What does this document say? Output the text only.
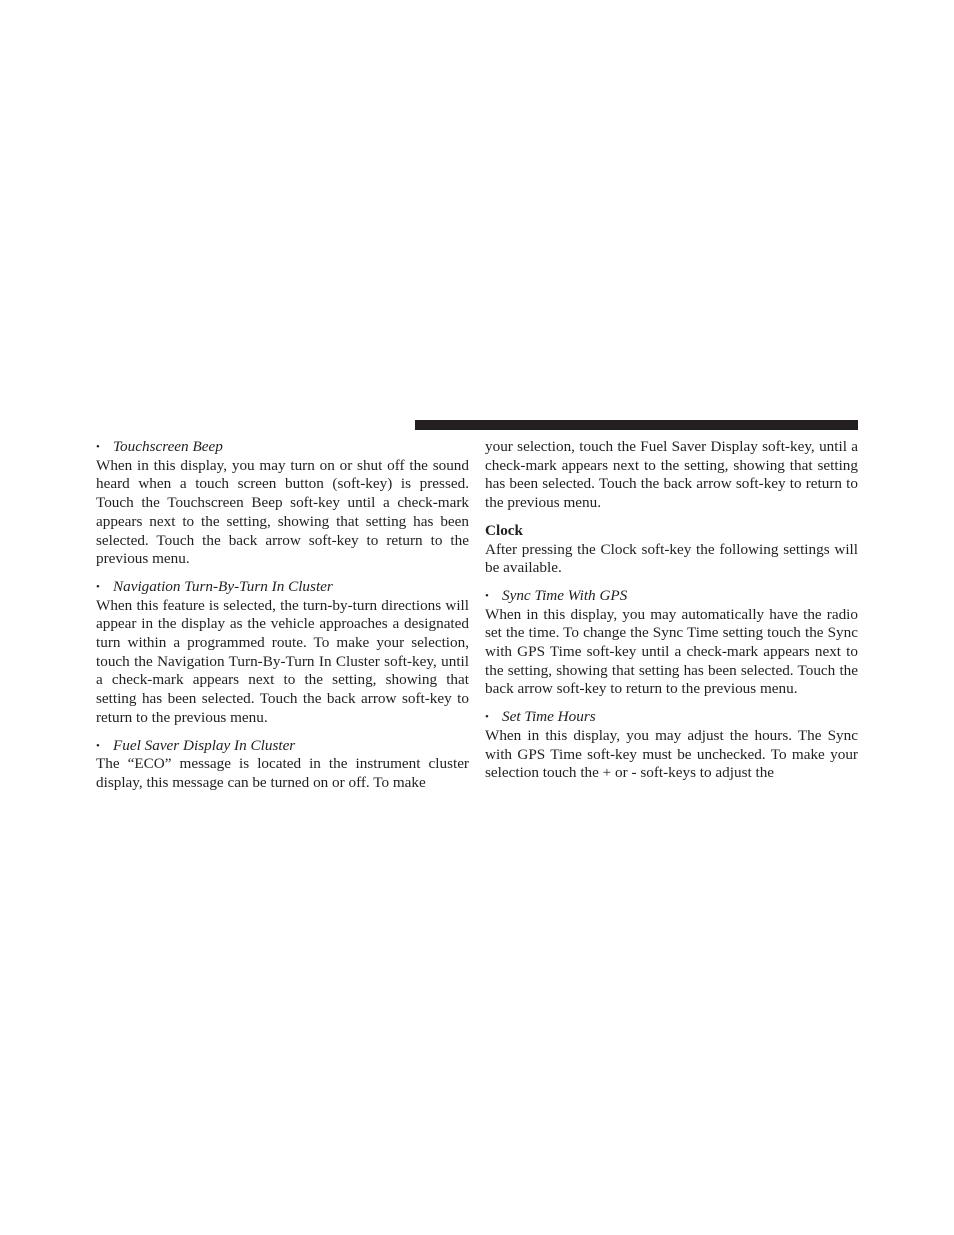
• Touchscreen Beep

When in this display, you may turn on or shut off the sound heard when a touch screen button (soft-key) is pressed. Touch the Touchscreen Beep soft-key until a check-mark appears next to the setting, showing that setting has been selected. Touch the back arrow soft-key to return to the previous menu.

• Navigation Turn-By-Turn In Cluster

When this feature is selected, the turn-by-turn directions will appear in the display as the vehicle approaches a designated turn within a programmed route. To make your selection, touch the Navigation Turn-By-Turn In Cluster soft-key, until a check-mark appears next to the setting, showing that setting has been selected. Touch the back arrow soft-key to return to the previous menu.

• Fuel Saver Display In Cluster

The “ECO” message is located in the instrument cluster display, this message can be turned on or off. To make

your selection, touch the Fuel Saver Display soft-key, until a check-mark appears next to the setting, showing that setting has been selected. Touch the back arrow soft-key to return to the previous menu.

Clock

After pressing the Clock soft-key the following settings will be available.

• Sync Time With GPS

When in this display, you may automatically have the radio set the time. To change the Sync Time setting touch the Sync with GPS Time soft-key until a check-mark appears next to the setting, showing that setting has been selected. Touch the back arrow soft-key to return to the previous menu.

• Set Time Hours

When in this display, you may adjust the hours. The Sync with GPS Time soft-key must be unchecked. To make your selection touch the + or - soft-keys to adjust the
